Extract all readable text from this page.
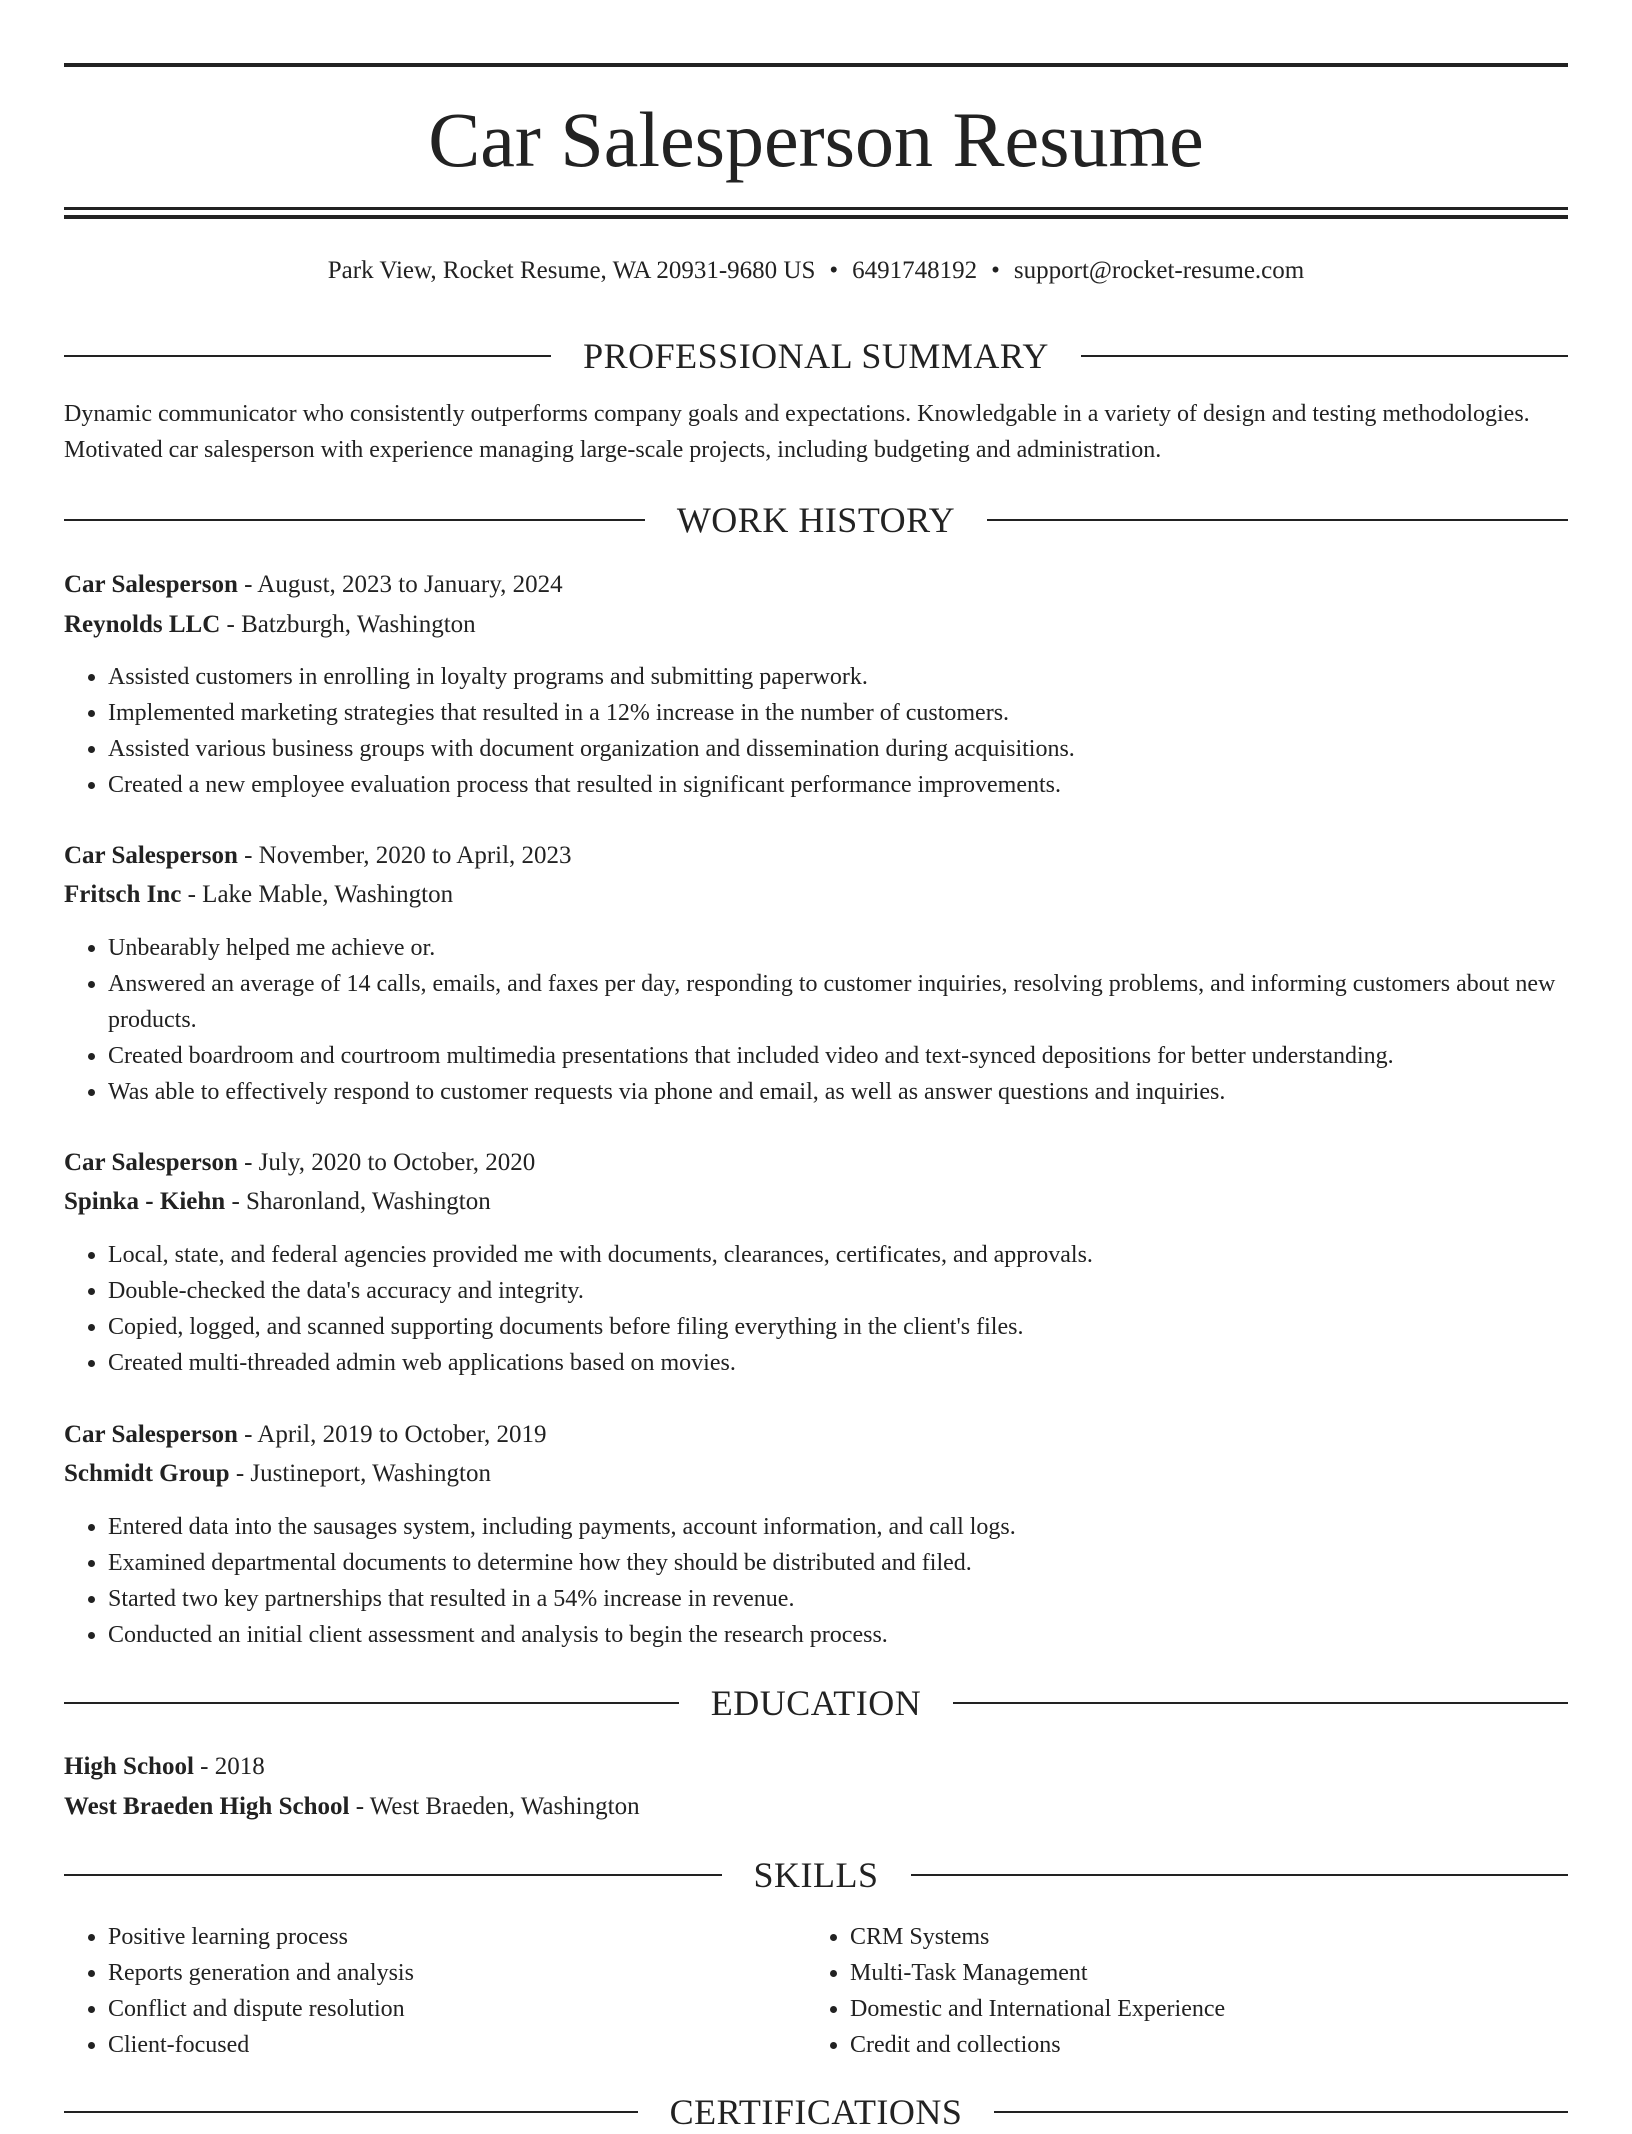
Car Salesperson Resume
Park View, Rocket Resume, WA 20931-9680 US • 6491748192 • support@rocket-resume.com
PROFESSIONAL SUMMARY

Dynamic communicator who consistently outperforms company goals and expectations. Knowledgable in a variety of design and testing methodologies. Motivated car salesperson with experience managing large-scale projects, including budgeting and administration.

WORK HISTORY
Car Salesperson - August, 2023 to January, 2024
Reynolds LLC - Batzburgh, Washington
• Assisted customers in enrolling in loyalty programs and submitting paperwork.
• Implemented marketing strategies that resulted in a 12% increase in the number of customers.
• Assisted various business groups with document organization and dissemination during acquisitions.
• Created a new employee evaluation process that resulted in significant performance improvements.
Car Salesperson - November, 2020 to April, 2023
Fritsch Inc - Lake Mable, Washington
• Unbearably helped me achieve or.
• Answered an average of 14 calls, emails, and faxes per day, responding to customer inquiries, resolving problems, and informing customers about new products.
• Created boardroom and courtroom multimedia presentations that included video and text-synced depositions for better understanding.
• Was able to effectively respond to customer requests via phone and email, as well as answer questions and inquiries.
Car Salesperson - July, 2020 to October, 2020
Spinka - Kiehn - Sharonland, Washington
• Local, state, and federal agencies provided me with documents, clearances, certificates, and approvals.
• Double-checked the data's accuracy and integrity.
• Copied, logged, and scanned supporting documents before filing everything in the client's files.
• Created multi-threaded admin web applications based on movies.
Car Salesperson - April, 2019 to October, 2019
Schmidt Group - Justineport, Washington
• Entered data into the sausages system, including payments, account information, and call logs.
• Examined departmental documents to determine how they should be distributed and filed.
• Started two key partnerships that resulted in a 54% increase in revenue.
• Conducted an initial client assessment and analysis to begin the research process.
EDUCATION
High School - 2018
West Braeden High School - West Braeden, Washington
SKILLS
• Positive learning process
• Reports generation and analysis
• Conflict and dispute resolution
• Client-focused
• CRM Systems
• Multi-Task Management
• Domestic and International Experience
• Credit and collections
CERTIFICATIONS
